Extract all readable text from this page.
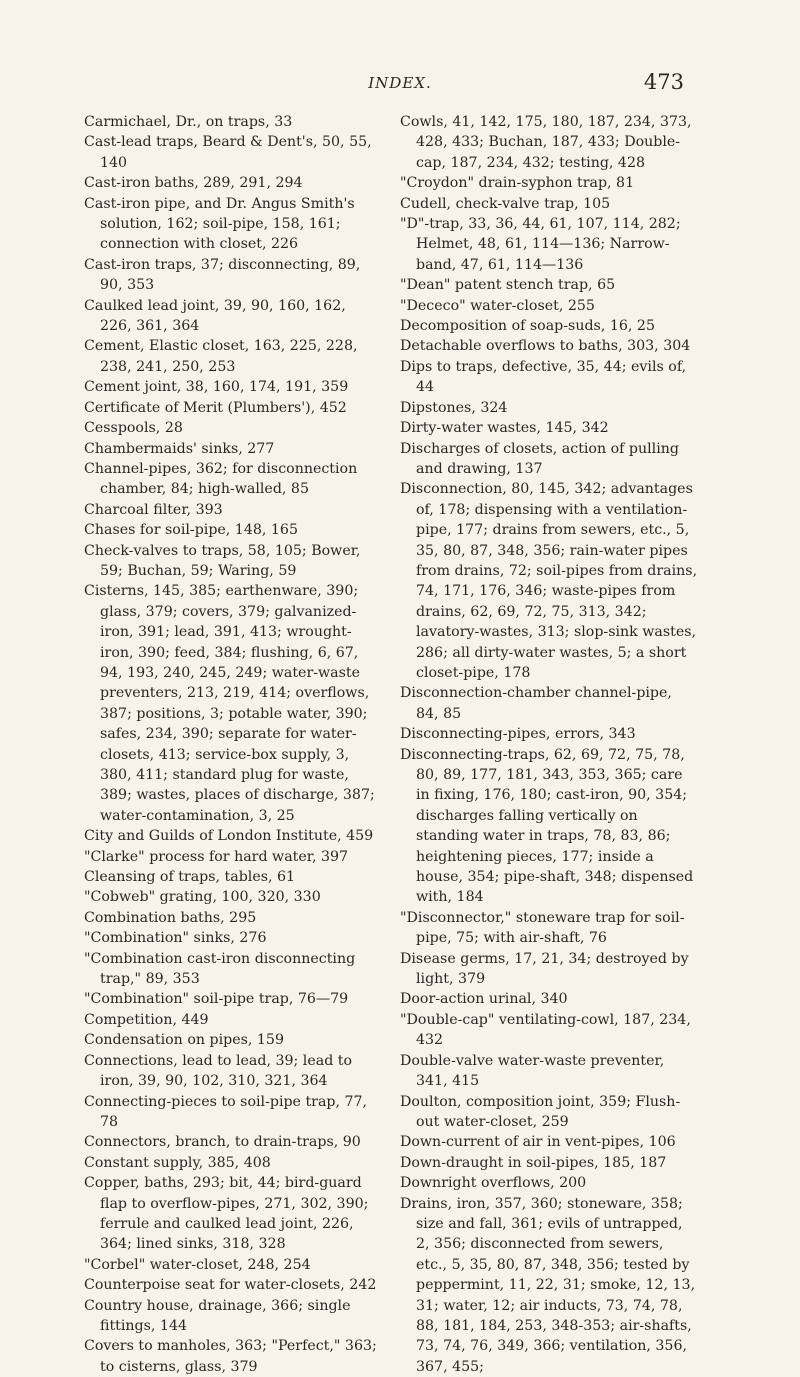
INDEX.	473

Carmichael, Dr., on traps, 33

Cast-lead traps, Beard & Dent's, 50, 55, 140

Cast-iron baths, 289, 291, 294

Cast-iron pipe, and Dr. Angus Smith's solution, 162; soil-pipe, 158, 161; connection with closet, 226

Cast-iron traps, 37; disconnecting, 89, 90, 353

Caulked lead joint, 39, 90, 160, 162, 226, 361, 364

Cement, Elastic closet, 163, 225, 228, 238, 241, 250, 253

Cement joint, 38, 160, 174, 191, 359

Certificate of Merit (Plumbers'), 452

Cesspools, 28

Chambermaids' sinks, 277

Channel-pipes, 362; for disconnection chamber, 84; high-walled, 85

Charcoal filter, 393

Chases for soil-pipe, 148, 165

Check-valves to traps, 58, 105; Bower, 59; Buchan, 59; Waring, 59

Cisterns, 145, 385; earthenware, 390; glass, 379; covers, 379; galvanized-iron, 391; lead, 391, 413; wrought-iron, 390; feed, 384; flushing, 6, 67, 94, 193, 240, 245, 249; water-waste preventers, 213, 219, 414; overflows, 387; positions, 3; potable water, 390; safes, 234, 390; separate for water-closets, 413; service-box supply, 3, 380, 411; standard plug for waste, 389; wastes, places of discharge, 387; water-contamination, 3, 25

City and Guilds of London Institute, 459

"Clarke" process for hard water, 397

Cleansing of traps, tables, 61

"Cobweb" grating, 100, 320, 330

Combination baths, 295

"Combination" sinks, 276

"Combination cast-iron disconnecting trap," 89, 353

"Combination" soil-pipe trap, 76—79

Competition, 449

Condensation on pipes, 159

Connections, lead to lead, 39; lead to iron, 39, 90, 102, 310, 321, 364

Connecting-pieces to soil-pipe trap, 77, 78

Connectors, branch, to drain-traps, 90

Constant supply, 385, 408

Copper, baths, 293; bit, 44; bird-guard flap to overflow-pipes, 271, 302, 390; ferrule and caulked lead joint, 226, 364; lined sinks, 318, 328

"Corbel" water-closet, 248, 254

Counterpoise seat for water-closets, 242

Country house, drainage, 366; single fittings, 144

Covers to manholes, 363; "Perfect," 363; to cisterns, glass, 379

Cowls, 41, 142, 175, 180, 187, 234, 373, 428, 433; Buchan, 187, 433; Double-cap, 187, 234, 432; testing, 428

"Croydon" drain-syphon trap, 81

Cudell, check-valve trap, 105

"D"-trap, 33, 36, 44, 61, 107, 114, 282; Helmet, 48, 61, 114—136; Narrow-band, 47, 61, 114—136

"Dean" patent stench trap, 65

"Dececo" water-closet, 255

Decomposition of soap-suds, 16, 25

Detachable overflows to baths, 303, 304

Dips to traps, defective, 35, 44; evils of, 44

Dipstones, 324

Dirty-water wastes, 145, 342

Discharges of closets, action of pulling and drawing, 137

Disconnection, 80, 145, 342; advantages of, 178; dispensing with a ventilation-pipe, 177; drains from sewers, etc., 5, 35, 80, 87, 348, 356; rain-water pipes from drains, 72; soil-pipes from drains, 74, 171, 176, 346; waste-pipes from drains, 62, 69, 72, 75, 313, 342; lavatory-wastes, 313; slop-sink wastes, 286; all dirty-water wastes, 5; a short closet-pipe, 178

Disconnection-chamber channel-pipe, 84, 85

Disconnecting-pipes, errors, 343

Disconnecting-traps, 62, 69, 72, 75, 78, 80, 89, 177, 181, 343, 353, 365; care in fixing, 176, 180; cast-iron, 90, 354; discharges falling vertically on standing water in traps, 78, 83, 86; heightening pieces, 177; inside a house, 354; pipe-shaft, 348; dispensed with, 184

"Disconnector," stoneware trap for soil-pipe, 75; with air-shaft, 76

Disease germs, 17, 21, 34; destroyed by light, 379

Door-action urinal, 340

"Double-cap" ventilating-cowl, 187, 234, 432

Double-valve water-waste preventer, 341, 415

Doulton, composition joint, 359; Flush-out water-closet, 259

Down-current of air in vent-pipes, 106

Down-draught in soil-pipes, 185, 187

Downright overflows, 200

Drains, iron, 357, 360; stoneware, 358; size and fall, 361; evils of untrapped, 2, 356; disconnected from sewers, etc., 5, 35, 80, 87, 348, 356; tested by peppermint, 11, 22, 31; smoke, 12, 13, 31; water, 12; air inducts, 73, 74, 78, 88, 181, 184, 253, 348-353; air-shafts, 73, 74, 76, 349, 366; ventilation, 356, 367, 455;
